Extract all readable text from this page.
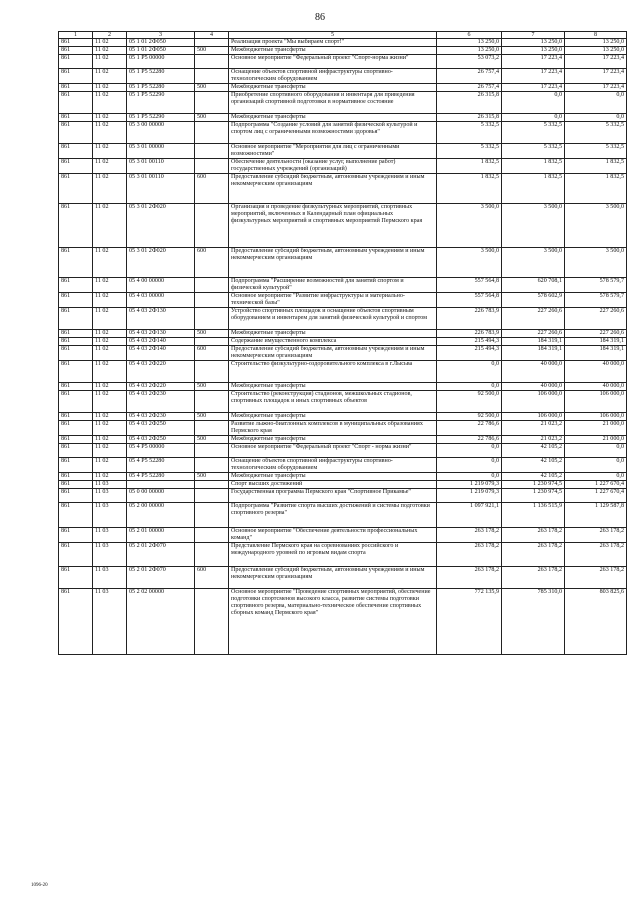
86
1	2	3	4	5	6	7	8
861	11 02	05 1 01 2Ф050		Реализация проекта "Мы выбираем спорт!"	13 250,0	13 250,0	13 250,0
861	11 02	05 1 01 2Ф050	500	Межбюджетные трансферты	13 250,0	13 250,0	13 250,0
861	11 02	05 1 P5 00000		Основное мероприятие "Федеральный проект "Спорт-норма жизни"	53 073,2	17 223,4	17 223,4
861	11 02	05 1 P5 52280		Оснащение объектов спортивной инфраструктуры спортивно-технологическим оборудованием	26 757,4	17 223,4	17 223,4
861	11 02	05 1 P5 52280	500	Межбюджетные трансферты	26 757,4	17 223,4	17 223,4
861	11 02	05 1 P5 52290		Приобретение спортивного оборудования и инвентаря для приведения организаций спортивной подготовки в нормативное состояние	26 315,8	0,0	0,0
861	11 02	05 1 P5 52290	500	Межбюджетные трансферты	26 315,8	0,0	0,0
861	11 02	05 3 00 00000		Подпрограмма "Создание условий для занятий физической культурой и спортом лиц с ограниченными возможностями здоровья"	5 332,5	5 332,5	5 332,5
861	11 02	05 3 01 00000		Основное мероприятие "Мероприятия для лиц с ограниченными возможностями"	5 332,5	5 332,5	5 332,5
861	11 02	05 3 01 00110		Обеспечение деятельности (оказание услуг, выполнение работ) государственных учреждений (организаций)	1 832,5	1 832,5	1 832,5
861	11 02	05 3 01 00110	600	Предоставление субсидий бюджетным, автономным учреждениям и иным некоммерческим организациям	1 832,5	1 832,5	1 832,5
861	11 02	05 3 01 2Ф020		Организация и проведение физкультурных мероприятий, спортивных мероприятий, включенных в Календарный план официальных физкультурных мероприятий и спортивных мероприятий Пермского края	3 500,0	3 500,0	3 500,0
861	11 02	05 3 01 2Ф020	600	Предоставление субсидий бюджетным, автономным учреждениям и иным некоммерческим организациям	3 500,0	3 500,0	3 500,0
861	11 02	05 4 00 00000		Подпрограмма "Расширение возможностей для занятий спортом и физической культурой"	557 564,8	620 708,1	578 579,7
861	11 02	05 4 03 00000		Основное мероприятие "Развитие инфраструктуры и материально-технической базы"	557 564,8	578 602,9	578 579,7
861	11 02	05 4 03 2Ф130		Устройство спортивных площадок и оснащение объектов спортивным оборудованием и инвентарем для занятий физической культурой и спортом	226 783,9	227 260,6	227 260,6
861	11 02	05 4 03 2Ф130	500	Межбюджетные трансферты	226 783,9	227 260,6	227 260,6
861	11 02	05 4 03 2Ф140		Содержание имущественного комплекса	215 494,3	184 319,1	184 319,1
861	11 02	05 4 03 2Ф140	600	Предоставление субсидий бюджетным, автономным учреждениям и иным некоммерческим организациям	215 494,3	184 319,1	184 319,1
861	11 02	05 4 03 2Ф220		Строительство физкультурно-оздоровительного комплекса в г.Лысьва	0,0	40 000,0	40 000,0
861	11 02	05 4 03 2Ф220	500	Межбюджетные трансферты	0,0	40 000,0	40 000,0
861	11 02	05 4 03 2Ф230		Строительство (реконструкция) стадионов, межшкольных стадионов, спортивных площадок и иных спортивных объектов	92 500,0	106 000,0	106 000,0
861	11 02	05 4 03 2Ф230	500	Межбюджетные трансферты	92 500,0	106 000,0	106 000,0
861	11 02	05 4 03 2Ф250		Развитие лыжно-биатлонных комплексов в муниципальных образованиях Пермского края	22 786,6	21 023,2	21 000,0
861	11 02	05 4 03 2Ф250	500	Межбюджетные трансферты	22 786,6	21 023,2	21 000,0
861	11 02	05 4 P5 00000		Основное мероприятие "Федеральный проект "Спорт - норма жизни"	0,0	42 105,2	0,0
861	11 02	05 4 P5 52280		Оснащение объектов спортивной инфраструктуры спортивно-технологическим оборудованием	0,0	42 105,2	0,0
861	11 02	05 4 P5 52280	500	Межбюджетные трансферты	0,0	42 105,2	0,0
861	11 03			Спорт высших достижений	1 219 079,3	1 230 974,5	1 227 670,4
861	11 03	05 0 00 00000		Государственная программа Пермского края "Спортивное Прикамье"	1 219 079,3	1 230 974,5	1 227 670,4
861	11 03	05 2 00 00000		Подпрограмма "Развитие спорта высших достижений и системы подготовки спортивного резерва"	1 097 921,1	1 136 515,9	1 129 587,8
861	11 03	05 2 01 00000		Основное мероприятие "Обеспечение деятельности профессиональных команд"	263 178,2	263 178,2	263 178,2
861	11 03	05 2 01 2Ф070		Представление Пермского края на соревнованиях российского и международного уровней по игровым видам спорта	263 178,2	263 178,2	263 178,2
861	11 03	05 2 01 2Ф070	600	Предоставление субсидий бюджетным, автономным учреждениям и иным некоммерческим организациям	263 178,2	263 178,2	263 178,2
861	11 03	05 2 02 00000		Основное мероприятие "Проведение спортивных мероприятий, обеспечение подготовки спортсменов высокого класса, развитие системы подготовки спортивного резерва, материально-техническое обеспечение спортивных сборных команд Пермского края"	772 135,9	785 310,0	803 825,6
1096-20
